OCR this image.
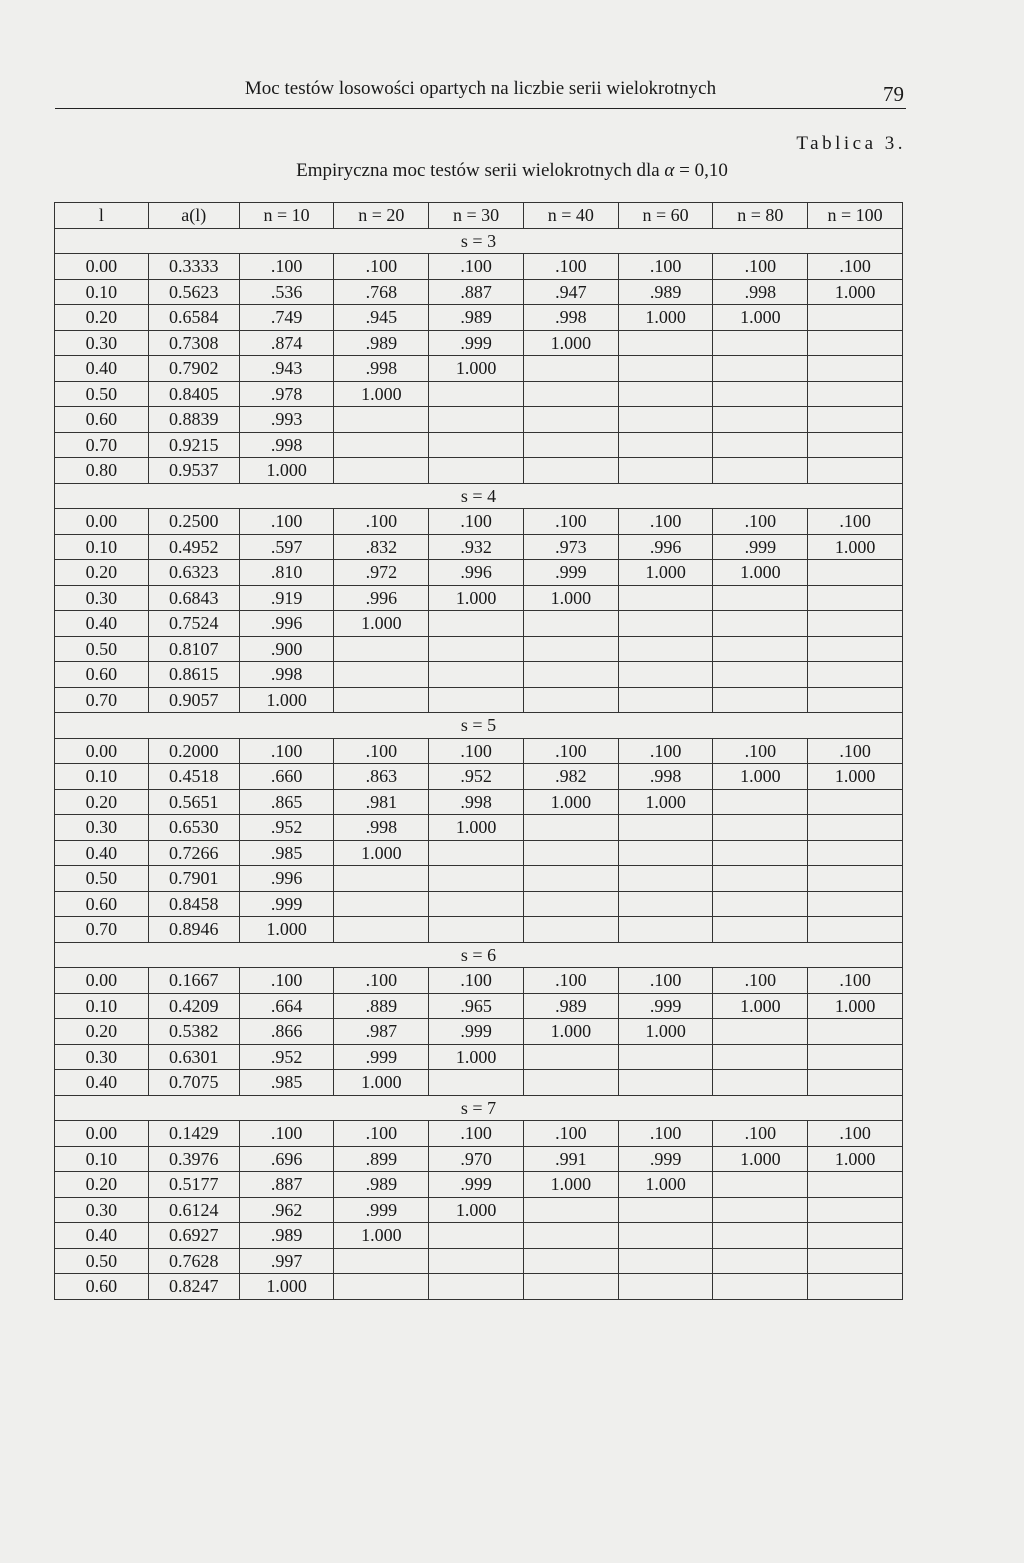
Moc testów losowości opartych na liczbie serii wielokrotnych	79
Tablica 3.
Empiryczna moc testów serii wielokrotnych dla α = 0,10
l	a(l)	n = 10	n = 20	n = 30	n = 40	n = 60	n = 80	n = 100
s = 3								
0.00	0.3333	.100	.100	.100	.100	.100	.100	.100
0.10	0.5623	.536	.768	.887	.947	.989	.998	1.000
0.20	0.6584	.749	.945	.989	.998	1.000	1.000	
0.30	0.7308	.874	.989	.999	1.000			
0.40	0.7902	.943	.998	1.000				
0.50	0.8405	.978	1.000					
0.60	0.8839	.993						
0.70	0.9215	.998						
0.80	0.9537	1.000						
s = 4								
0.00	0.2500	.100	.100	.100	.100	.100	.100	.100
0.10	0.4952	.597	.832	.932	.973	.996	.999	1.000
0.20	0.6323	.810	.972	.996	.999	1.000	1.000	
0.30	0.6843	.919	.996	1.000	1.000			
0.40	0.7524	.996	1.000					
0.50	0.8107	.900						
0.60	0.8615	.998						
0.70	0.9057	1.000						
s = 5								
0.00	0.2000	.100	.100	.100	.100	.100	.100	.100
0.10	0.4518	.660	.863	.952	.982	.998	1.000	1.000
0.20	0.5651	.865	.981	.998	1.000	1.000		
0.30	0.6530	.952	.998	1.000				
0.40	0.7266	.985	1.000					
0.50	0.7901	.996						
0.60	0.8458	.999						
0.70	0.8946	1.000						
s = 6								
0.00	0.1667	.100	.100	.100	.100	.100	.100	.100
0.10	0.4209	.664	.889	.965	.989	.999	1.000	1.000
0.20	0.5382	.866	.987	.999	1.000	1.000		
0.30	0.6301	.952	.999	1.000				
0.40	0.7075	.985	1.000					
s = 7								
0.00	0.1429	.100	.100	.100	.100	.100	.100	.100
0.10	0.3976	.696	.899	.970	.991	.999	1.000	1.000
0.20	0.5177	.887	.989	.999	1.000	1.000		
0.30	0.6124	.962	.999	1.000				
0.40	0.6927	.989	1.000					
0.50	0.7628	.997						
0.60	0.8247	1.000						
